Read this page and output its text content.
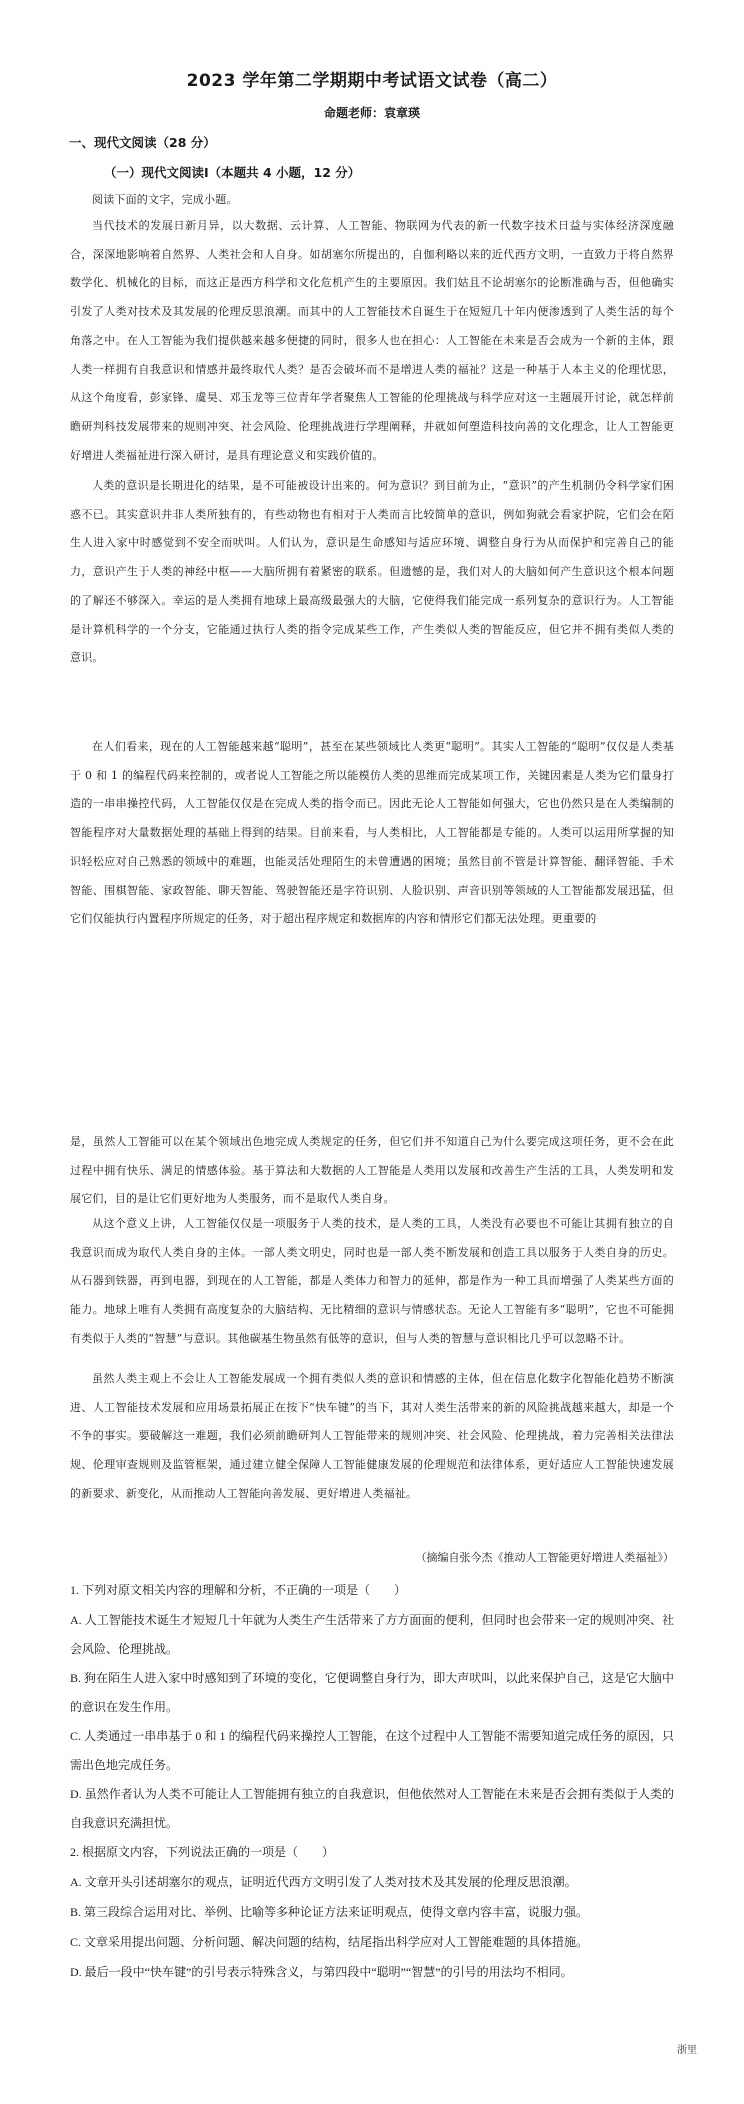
2023 学年第二学期期中考试语文试卷（高二）
命题老师：袁章瑛
一、现代文阅读（28 分）
（一）现代文阅读Ⅰ（本题共 4 小题，12 分）
阅读下面的文字，完成小题。
当代技术的发展日新月异，以大数据、云计算、人工智能、物联网为代表的新一代数字技术日益与实体经济深度融合，深深地影响着自然界、人类社会和人自身。如胡塞尔所提出的，自伽利略以来的近代西方文明，一直致力于将自然界数学化、机械化的目标，而这正是西方科学和文化危机产生的主要原因。我们姑且不论胡塞尔的论断准确与否，但他确实引发了人类对技术及其发展的伦理反思浪潮。而其中的人工智能技术自诞生于在短短几十年内便渗透到了人类生活的每个角落之中。在人工智能为我们提供越来越多便捷的同时，很多人也在担心：人工智能在未来是否会成为一个新的主体，跟人类一样拥有自我意识和情感并最终取代人类？是否会破坏而不是增进人类的福祉？这是一种基于人本主义的伦理忧思，从这个角度看，彭家锋、虞昊、邓玉龙等三位青年学者聚焦人工智能的伦理挑战与科学应对这一主题展开讨论，就怎样前瞻研判科技发展带来的规则冲突、社会风险、伦理挑战进行学理阐释，并就如何塑造科技向善的文化理念，让人工智能更好增进人类福祉进行深入研讨，是具有理论意义和实践价值的。
人类的意识是长期进化的结果，是不可能被设计出来的。何为意识？到目前为止，“意识”的产生机制仍令科学家们困惑不已。其实意识并非人类所独有的，有些动物也有相对于人类而言比较简单的意识，例如狗就会看家护院，它们会在陌生人进入家中时感觉到不安全而吠叫。人们认为，意识是生命感知与适应环境、调整自身行为从而保护和完善自己的能力，意识产生于人类的神经中枢——大脑所拥有着紧密的联系。但遗憾的是，我们对人的大脑如何产生意识这个根本问题的了解还不够深入。幸运的是人类拥有地球上最高级最强大的大脑，它使得我们能完成一系列复杂的意识行为。人工智能是计算机科学的一个分支，它能通过执行人类的指令完成某些工作，产生类似人类的智能反应，但它并不拥有类似人类的意识。
在人们看来，现在的人工智能越来越“聪明”，甚至在某些领域比人类更“聪明”。其实人工智能的“聪明”仅仅是人类基于 0 和 1 的编程代码来控制的，或者说人工智能之所以能模仿人类的思维而完成某项工作，关键因素是人类为它们量身打造的一串串操控代码，人工智能仅仅是在完成人类的指令而已。因此无论人工智能如何强大，它也仍然只是在人类编制的智能程序对大量数据处理的基础上得到的结果。目前来看，与人类相比，人工智能都是专能的。人类可以运用所掌握的知识轻松应对自己熟悉的领域中的难题，也能灵活处理陌生的未曾遭遇的困境；虽然目前不管是计算智能、翻译智能、手术智能、围棋智能、家政智能、聊天智能、驾驶智能还是字符识别、人脸识别、声音识别等领域的人工智能都发展迅猛，但它们仅能执行内置程序所规定的任务，对于超出程序规定和数据库的内容和情形它们都无法处理。更重要的
是，虽然人工智能可以在某个领域出色地完成人类规定的任务，但它们并不知道自己为什么要完成这项任务，更不会在此过程中拥有快乐、满足的情感体验。基于算法和大数据的人工智能是人类用以发展和改善生产生活的工具，人类发明和发展它们，目的是让它们更好地为人类服务，而不是取代人类自身。
从这个意义上讲，人工智能仅仅是一项服务于人类的技术，是人类的工具，人类没有必要也不可能让其拥有独立的自我意识而成为取代人类自身的主体。一部人类文明史，同时也是一部人类不断发展和创造工具以服务于人类自身的历史。从石器到铁器，再到电器，到现在的人工智能，都是人类体力和智力的延伸，都是作为一种工具而增强了人类某些方面的能力。地球上唯有人类拥有高度复杂的大脑结构、无比精细的意识与情感状态。无论人工智能有多“聪明”，它也不可能拥有类似于人类的“智慧”与意识。其他碳基生物虽然有低等的意识，但与人类的智慧与意识相比几乎可以忽略不计。
虽然人类主观上不会让人工智能发展成一个拥有类似人类的意识和情感的主体，但在信息化数字化智能化趋势不断演进、人工智能技术发展和应用场景拓展正在按下“快车键”的当下，其对人类生活带来的新的风险挑战越来越大，却是一个不争的事实。要破解这一难题，我们必须前瞻研判人工智能带来的规则冲突、社会风险、伦理挑战，着力完善相关法律法规、伦理审查规则及监管框架，通过建立健全保障人工智能健康发展的伦理规范和法律体系，更好适应人工智能快速发展的新要求、新变化，从而推动人工智能向善发展、更好增进人类福祉。
（摘编自张今杰《推动人工智能更好增进人类福祉》）
1. 下列对原文相关内容的理解和分析，不正确的一项是（　　）
A. 人工智能技术诞生才短短几十年就为人类生产生活带来了方方面面的便利，但同时也会带来一定的规则冲突、社会风险、伦理挑战。
B. 狗在陌生人进入家中时感知到了环境的变化，它便调整自身行为，即大声吠叫，以此来保护自己，这是它大脑中的意识在发生作用。
C. 人类通过一串串基于 0 和 1 的编程代码来操控人工智能，在这个过程中人工智能不需要知道完成任务的原因，只需出色地完成任务。
D. 虽然作者认为人类不可能让人工智能拥有独立的自我意识，但他依然对人工智能在未来是否会拥有类似于人类的自我意识充满担忧。
2. 根据原文内容，下列说法正确的一项是（　　）
A. 文章开头引述胡塞尔的观点，证明近代西方文明引发了人类对技术及其发展的伦理反思浪潮。
B. 第三段综合运用对比、举例、比喻等多种论证方法来证明观点，使得文章内容丰富，说服力强。
C. 文章采用提出问题、分析问题、解决问题的结构，结尾指出科学应对人工智能难题的具体措施。
D. 最后一段中“快车键”的引号表示特殊含义，与第四段中“聪明”“智慧”的引号的用法均不相同。
浙里
